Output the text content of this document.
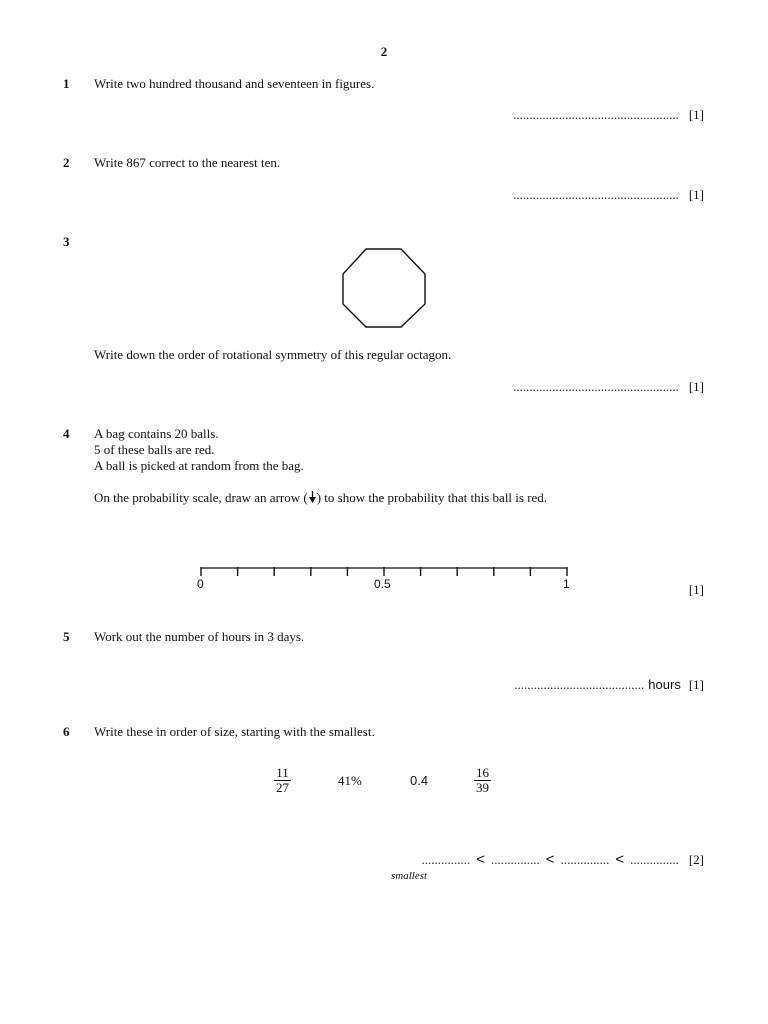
2
1 Write two hundred thousand and seventeen in figures.
................................................... [1]
2 Write 867 correct to the nearest ten.
................................................... [1]
3
Write down the order of rotational symmetry of this regular octagon.
................................................... [1]
4 A bag contains 20 balls.
5 of these balls are red.
A ball is picked at random from the bag.
On the probability scale, draw an arrow ( ) to show the probability that this ball is red.
0	0.5	1	[1]
5 Work out the number of hours in 3 days.
........................................ hours [1]
6 Write these in order of size, starting with the smallest.
$\frac{11}{27}$	41%	0.4	$\frac{16}{39}$
............... < ............... < ............... < ............... [2]
smallest
